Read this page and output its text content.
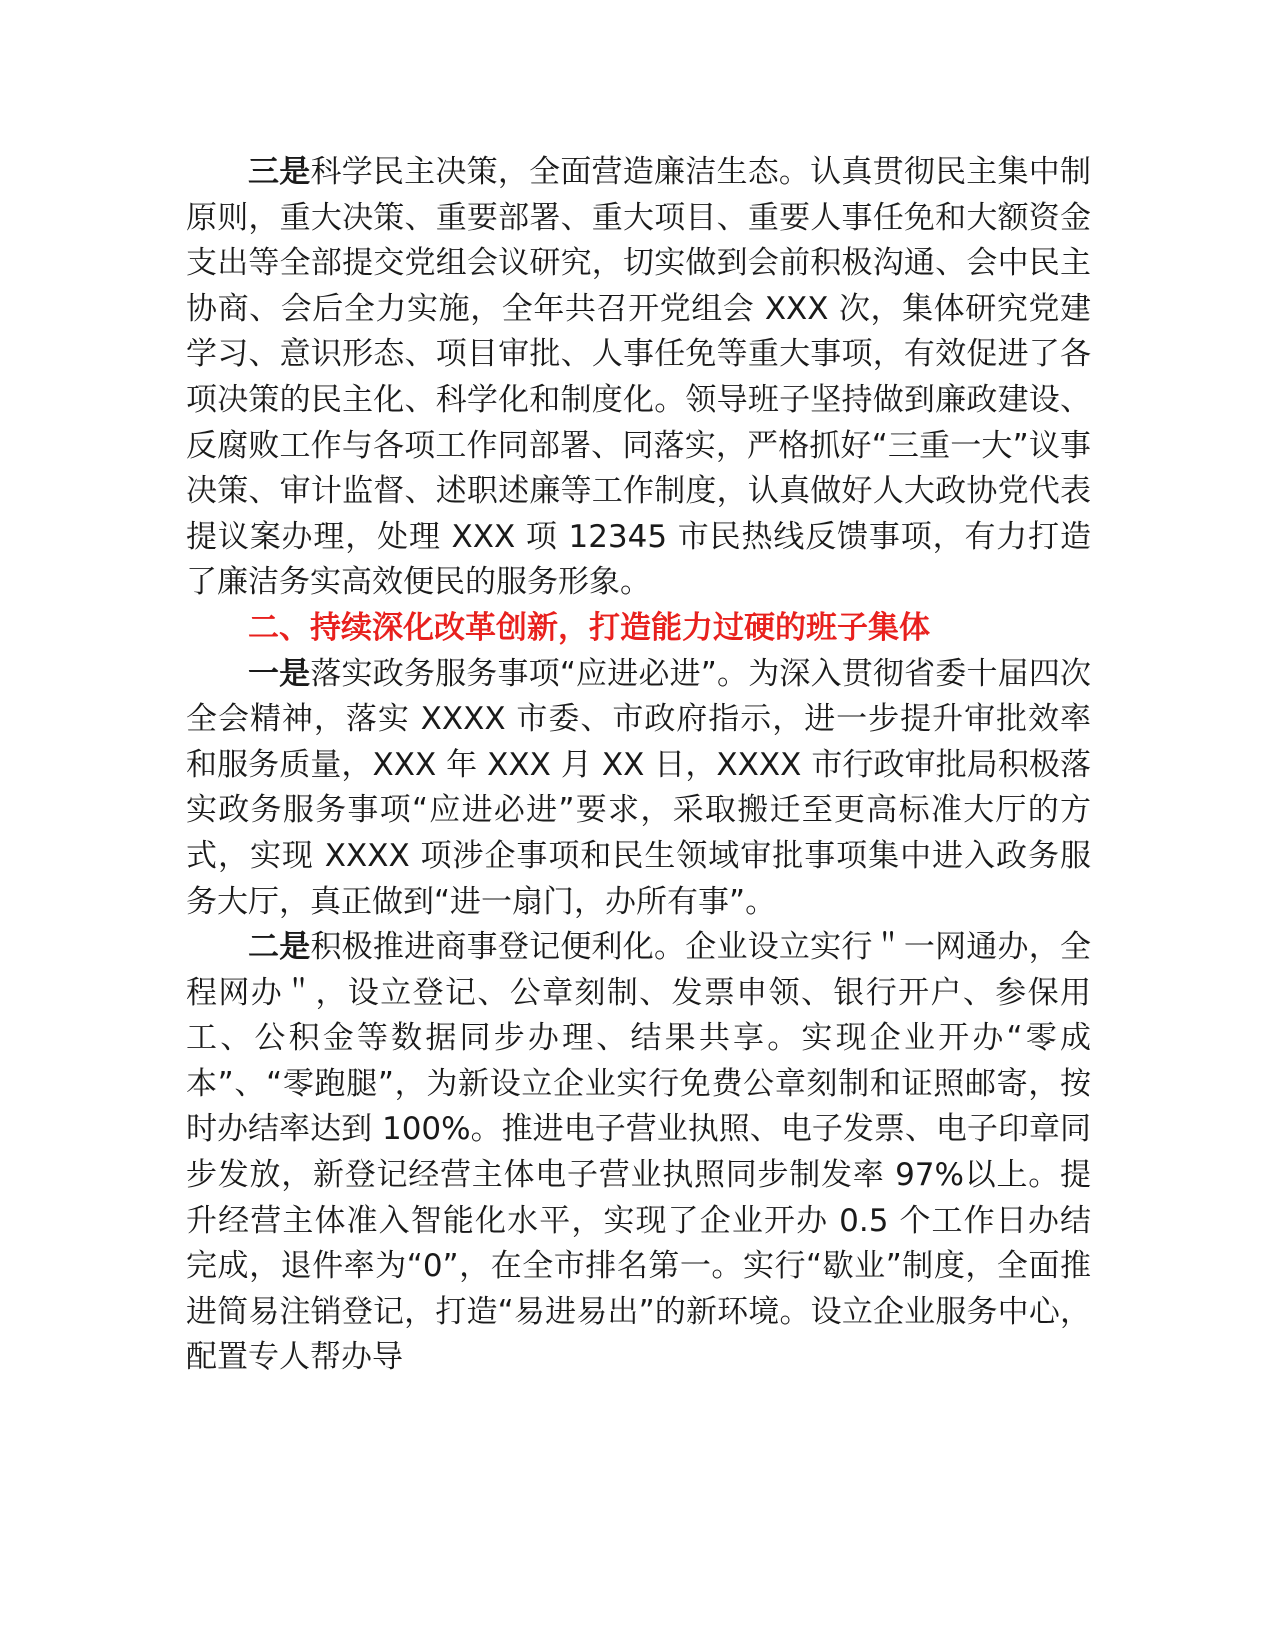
三是科学民主决策，全面营造廉洁生态。认真贯彻民主集中制原则，重大决策、重要部署、重大项目、重要人事任免和大额资金支出等全部提交党组会议研究，切实做到会前积极沟通、会中民主协商、会后全力实施，全年共召开党组会 XXX 次，集体研究党建学习、意识形态、项目审批、人事任免等重大事项，有效促进了各项决策的民主化、科学化和制度化。领导班子坚持做到廉政建设、反腐败工作与各项工作同部署、同落实，严格抓好“三重一大”议事决策、审计监督、述职述廉等工作制度，认真做好人大政协党代表提议案办理，处理 XXX 项 12345 市民热线反馈事项，有力打造了廉洁务实高效便民的服务形象。

二、持续深化改革创新，打造能力过硬的班子集体

一是落实政务服务事项“应进必进”。为深入贯彻省委十届四次全会精神，落实 XXXX 市委、市政府指示，进一步提升审批效率和服务质量，XXX 年 XXX 月 XX 日，XXXX 市行政审批局积极落实政务服务事项“应进必进”要求，采取搬迁至更高标准大厅的方式，实现 XXXX 项涉企事项和民生领域审批事项集中进入政务服务大厅，真正做到“进一扇门，办所有事”。

二是积极推进商事登记便利化。企业设立实行＂一网通办，全程网办＂，设立登记、公章刻制、发票申领、银行开户、参保用工、公积金等数据同步办理、结果共享。实现企业开办“零成本”、“零跑腿”，为新设立企业实行免费公章刻制和证照邮寄，按时办结率达到 100%。推进电子营业执照、电子发票、电子印章同步发放，新登记经营主体电子营业执照同步制发率 97%以上。提升经营主体准入智能化水平，实现了企业开办 0.5 个工作日办结完成，退件率为“0”，在全市排名第一。实行“歇业”制度，全面推进简易注销登记，打造“易进易出”的新环境。设立企业服务中心，配置专人帮办导
